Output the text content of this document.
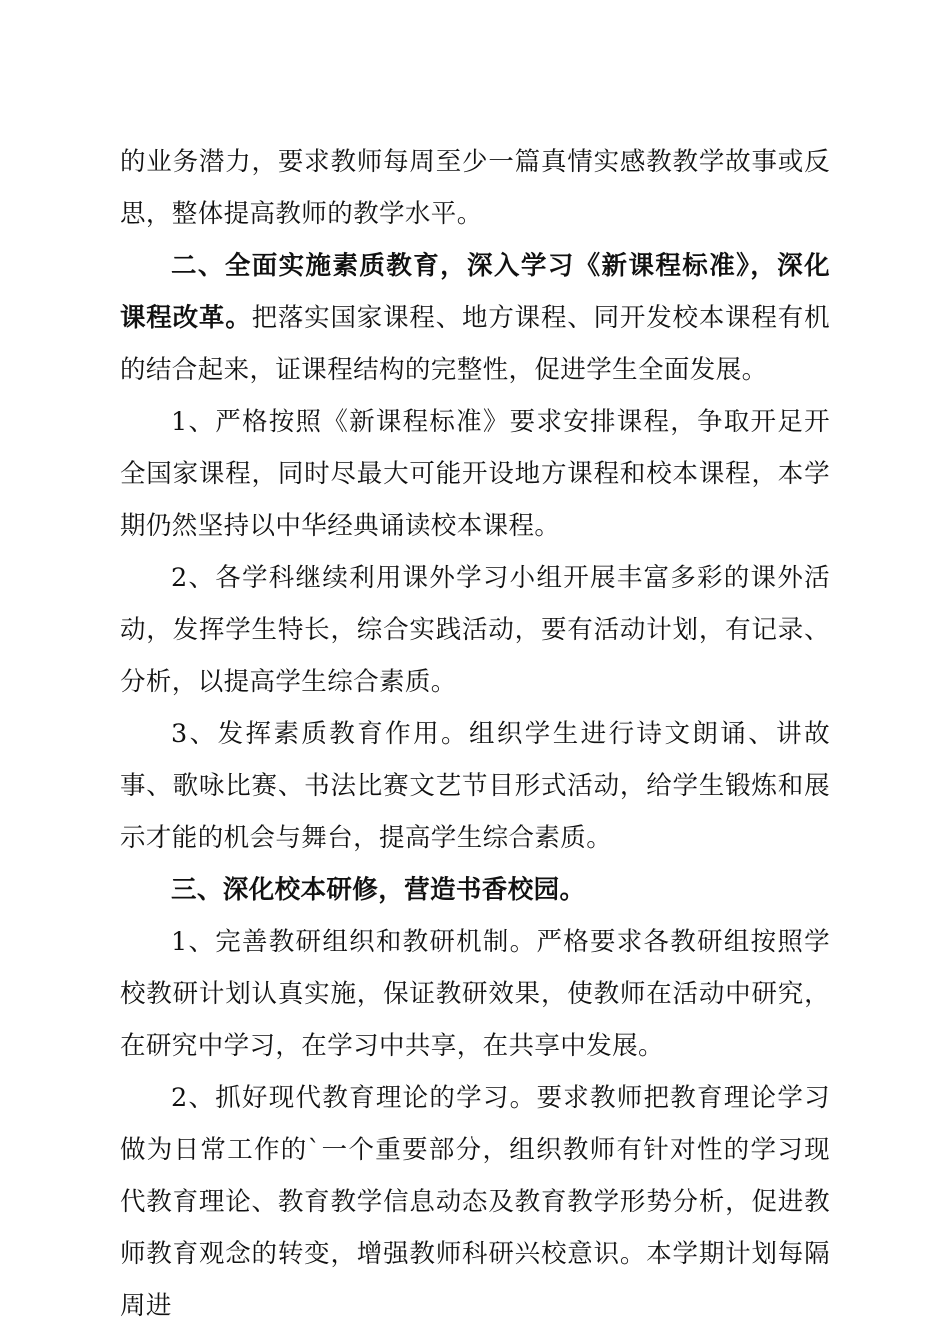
的业务潜力，要求教师每周至少一篇真情实感教教学故事或反思，整体提高教师的教学水平。

二、全面实施素质教育，深入学习《新课程标准》，深化课程改革。把落实国家课程、地方课程、同开发校本课程有机的结合起来，证课程结构的完整性，促进学生全面发展。

1、严格按照《新课程标准》要求安排课程，争取开足开全国家课程，同时尽最大可能开设地方课程和校本课程，本学期仍然坚持以中华经典诵读校本课程。

2、各学科继续利用课外学习小组开展丰富多彩的课外活动，发挥学生特长，综合实践活动，要有活动计划，有记录、分析，以提高学生综合素质。

3、发挥素质教育作用。组织学生进行诗文朗诵、讲故事、歌咏比赛、书法比赛文艺节目形式活动，给学生锻炼和展示才能的机会与舞台，提高学生综合素质。

三、深化校本研修，营造书香校园。

1、完善教研组织和教研机制。严格要求各教研组按照学校教研计划认真实施，保证教研效果，使教师在活动中研究，在研究中学习，在学习中共享，在共享中发展。

2、抓好现代教育理论的学习。要求教师把教育理论学习做为日常工作的`一个重要部分，组织教师有针对性的学习现代教育理论、教育教学信息动态及教育教学形势分析，促进教师教育观念的转变，增强教师科研兴校意识。本学期计划每隔周进
